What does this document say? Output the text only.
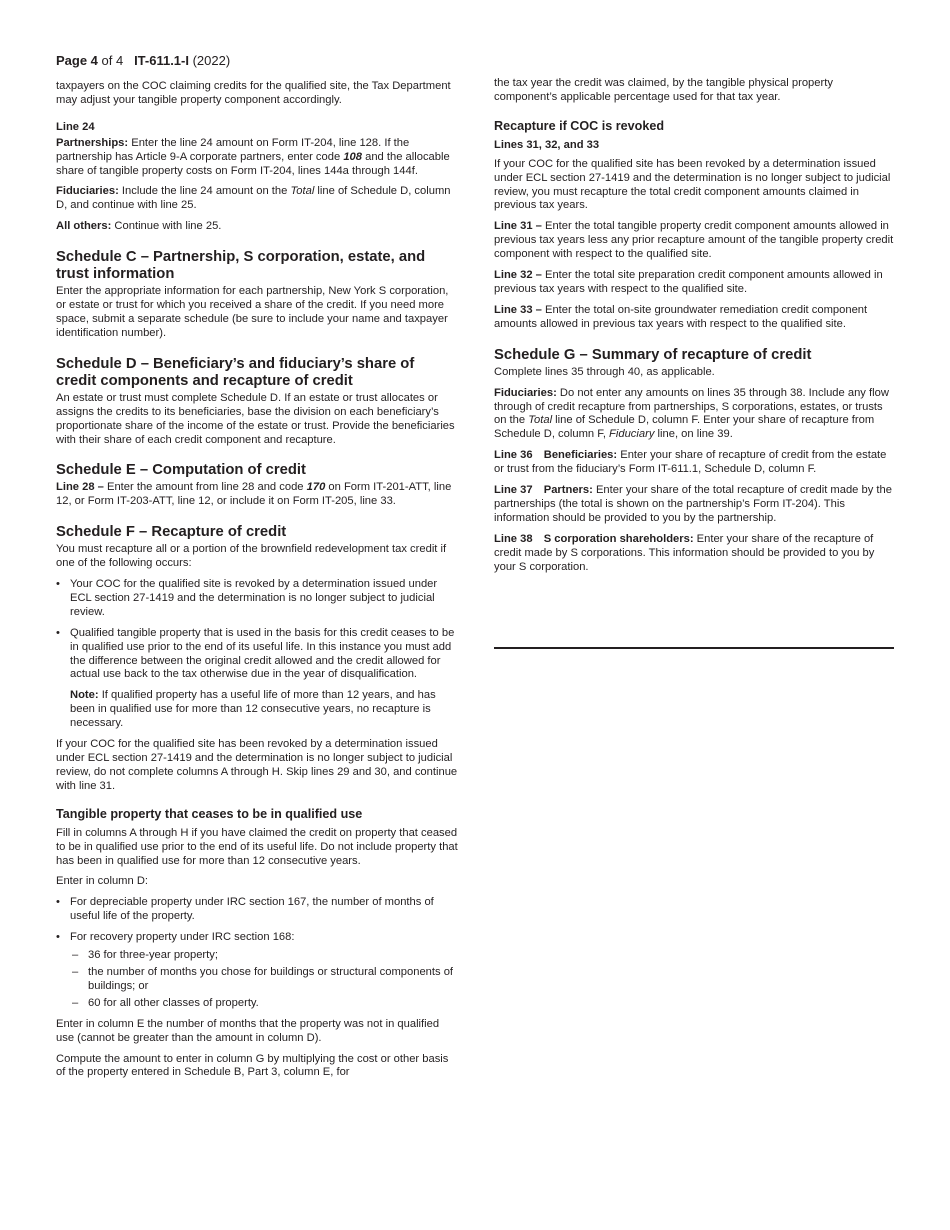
Page 4 of 4 IT-611.1-I (2022)

taxpayers on the COC claiming credits for the qualified site, the Tax Department may adjust your tangible property component accordingly.

Line 24

Partnerships: Enter the line 24 amount on Form IT-204, line 128. If the partnership has Article 9-A corporate partners, enter code 108 and the allocable share of tangible property costs on Form IT-204, lines 144a through 144f.

Fiduciaries: Include the line 24 amount on the Total line of Schedule D, column D, and continue with line 25.

All others: Continue with line 25.

Schedule C – Partnership, S corporation, estate, and trust information

Enter the appropriate information for each partnership, New York S corporation, or estate or trust for which you received a share of the credit. If you need more space, submit a separate schedule (be sure to include your name and taxpayer identification number).

Schedule D – Beneficiary’s and fiduciary’s share of credit components and recapture of credit

An estate or trust must complete Schedule D. If an estate or trust allocates or assigns the credits to its beneficiaries, base the division on each beneficiary’s proportionate share of the income of the estate or trust. Provide the beneficiaries with their share of each credit component and recapture.

Schedule E – Computation of credit

Line 28 – Enter the amount from line 28 and code 170 on Form IT-201-ATT, line 12, or Form IT-203-ATT, line 12, or include it on Form IT-205, line 33.

Schedule F – Recapture of credit

You must recapture all or a portion of the brownfield redevelopment tax credit if one of the following occurs:

• Your COC for the qualified site is revoked by a determination issued under ECL section 27-1419 and the determination is no longer subject to judicial review.
• Qualified tangible property that is used in the basis for this credit ceases to be in qualified use prior to the end of its useful life. In this instance you must add the difference between the original credit allowed and the credit allowed for actual use back to the tax otherwise due in the year of disqualification.

Note: If qualified property has a useful life of more than 12 years, and has been in qualified use for more than 12 consecutive years, no recapture is necessary.

If your COC for the qualified site has been revoked by a determination issued under ECL section 27-1419 and the determination is no longer subject to judicial review, do not complete columns A through H. Skip lines 29 and 30, and continue with line 31.

Tangible property that ceases to be in qualified use

Fill in columns A through H if you have claimed the credit on property that ceased to be in qualified use prior to the end of its useful life. Do not include property that has been in qualified use for more than 12 consecutive years.

Enter in column D:

• For depreciable property under IRC section 167, the number of months of useful life of the property.
• For recovery property under IRC section 168:
– 36 for three-year property;
– the number of months you chose for buildings or structural components of buildings; or
– 60 for all other classes of property.

Enter in column E the number of months that the property was not in qualified use (cannot be greater than the amount in column D).

Compute the amount to enter in column G by multiplying the cost or other basis of the property entered in Schedule B, Part 3, column E, for

the tax year the credit was claimed, by the tangible physical property component’s applicable percentage used for that tax year.

Recapture if COC is revoked

Lines 31, 32, and 33

If your COC for the qualified site has been revoked by a determination issued under ECL section 27-1419 and the determination is no longer subject to judicial review, you must recapture the total credit component amounts claimed in previous tax years.

Line 31 – Enter the total tangible property credit component amounts allowed in previous tax years less any prior recapture amount of the tangible property credit component with respect to the qualified site.

Line 32 – Enter the total site preparation credit component amounts allowed in previous tax years with respect to the qualified site.

Line 33 – Enter the total on-site groundwater remediation credit component amounts allowed in previous tax years with respect to the qualified site.

Schedule G – Summary of recapture of credit

Complete lines 35 through 40, as applicable.

Fiduciaries: Do not enter any amounts on lines 35 through 38. Include any flow through of credit recapture from partnerships, S corporations, estates, or trusts on the Total line of Schedule D, column F. Enter your share of recapture from Schedule D, column F, Fiduciary line, on line 39.

Line 36 Beneficiaries: Enter your share of recapture of credit from the estate or trust from the fiduciary’s Form IT-611.1, Schedule D, column F.

Line 37 Partners: Enter your share of the total recapture of credit made by the partnerships (the total is shown on the partnership’s Form IT-204). This information should be provided to you by the partnership.

Line 38 S corporation shareholders: Enter your share of the recapture of credit made by S corporations. This information should be provided to you by your S corporation.
